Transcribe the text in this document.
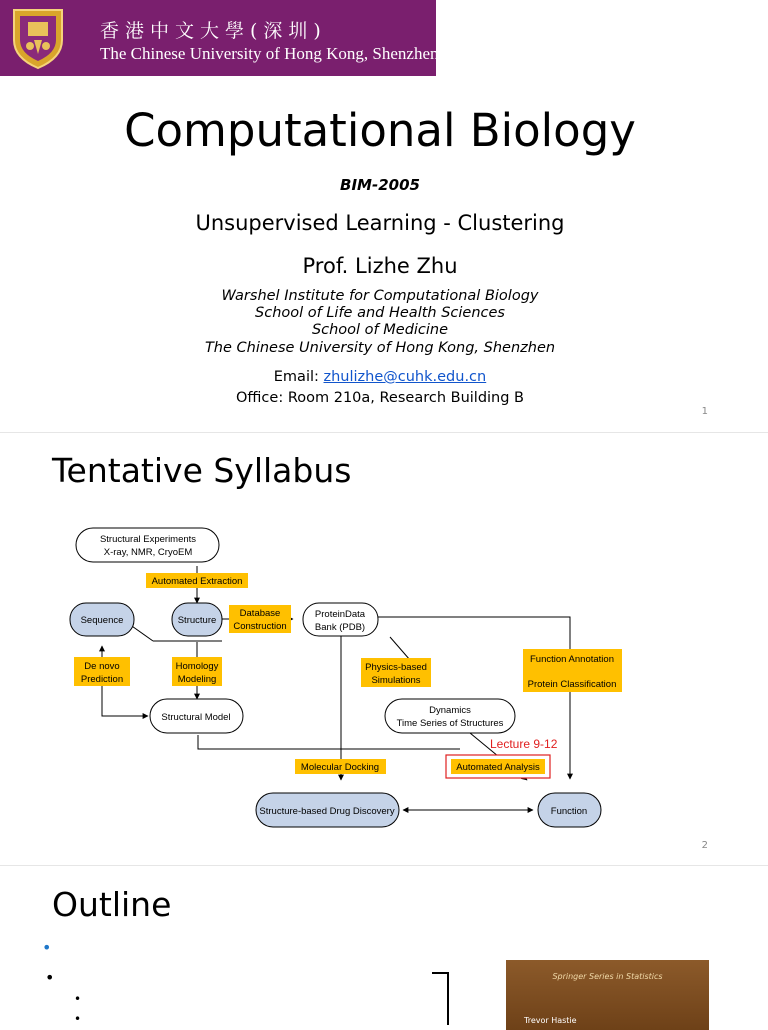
香港中文大學(深圳)
The Chinese University of Hong Kong, Shenzhen
Computational Biology
BIM-2005
Unsupervised Learning - Clustering
Prof. Lizhe Zhu
Warshel Institute for Computational Biology
School of Life and Health Sciences
School of Medicine
The Chinese University of Hong Kong, Shenzhen
Email: zhulizhe@cuhk.edu.cn
Office: Room 210a, Research Building B
1
Tentative Syllabus
Structural Experiments
X-ray, NMR, CryoEM
Automated Extraction
Sequence	Structure
Database
Construction
ProteinData
Bank (PDB)
De novo
Prediction
Homology
Modeling
Physics-based
Simulations
Function Annotation
Protein Classification
Structural Model
Dynamics
Time Series of Structures
Lecture 9-12
Molecular Docking	Automated Analysis
Structure-based Drug Discovery	Function
2
Outline
•
•
•
•
Springer Series in Statistics
Trevor Hastie
